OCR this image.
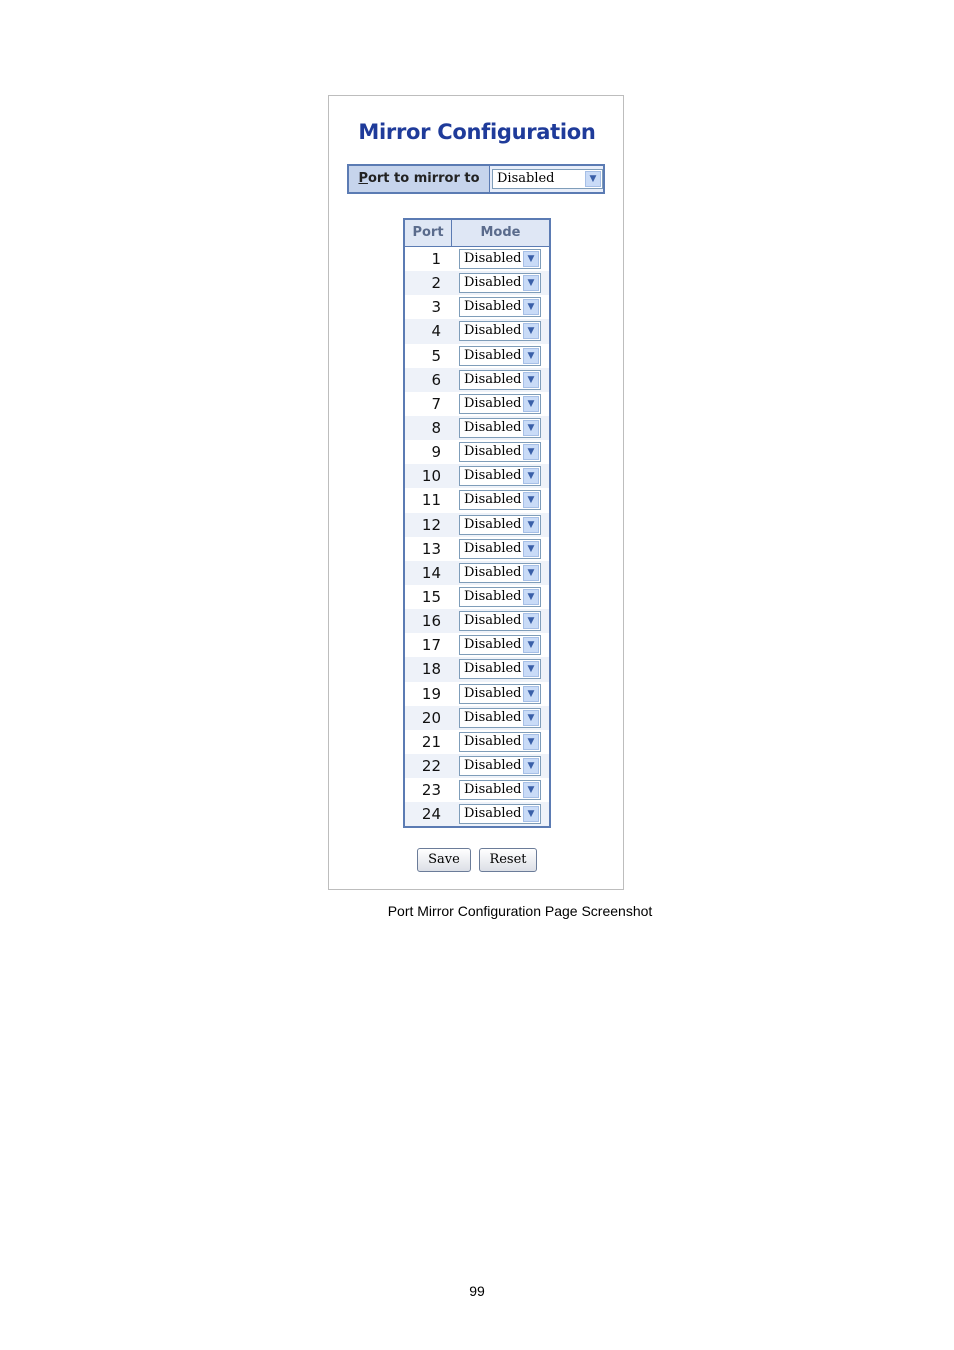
Mirror Configuration
Port to mirror to	Disabled	▼
Port	Mode
1	Disabled ▼
2	Disabled ▼
3	Disabled ▼
4	Disabled ▼
5	Disabled ▼
6	Disabled ▼
7	Disabled ▼
8	Disabled ▼
9	Disabled ▼
10	Disabled ▼
11	Disabled ▼
12	Disabled ▼
13	Disabled ▼
14	Disabled ▼
15	Disabled ▼
16	Disabled ▼
17	Disabled ▼
18	Disabled ▼
19	Disabled ▼
20	Disabled ▼
21	Disabled ▼
22	Disabled ▼
23	Disabled ▼
24	Disabled ▼
Save	Reset
Port Mirror Configuration Page Screenshot
99
